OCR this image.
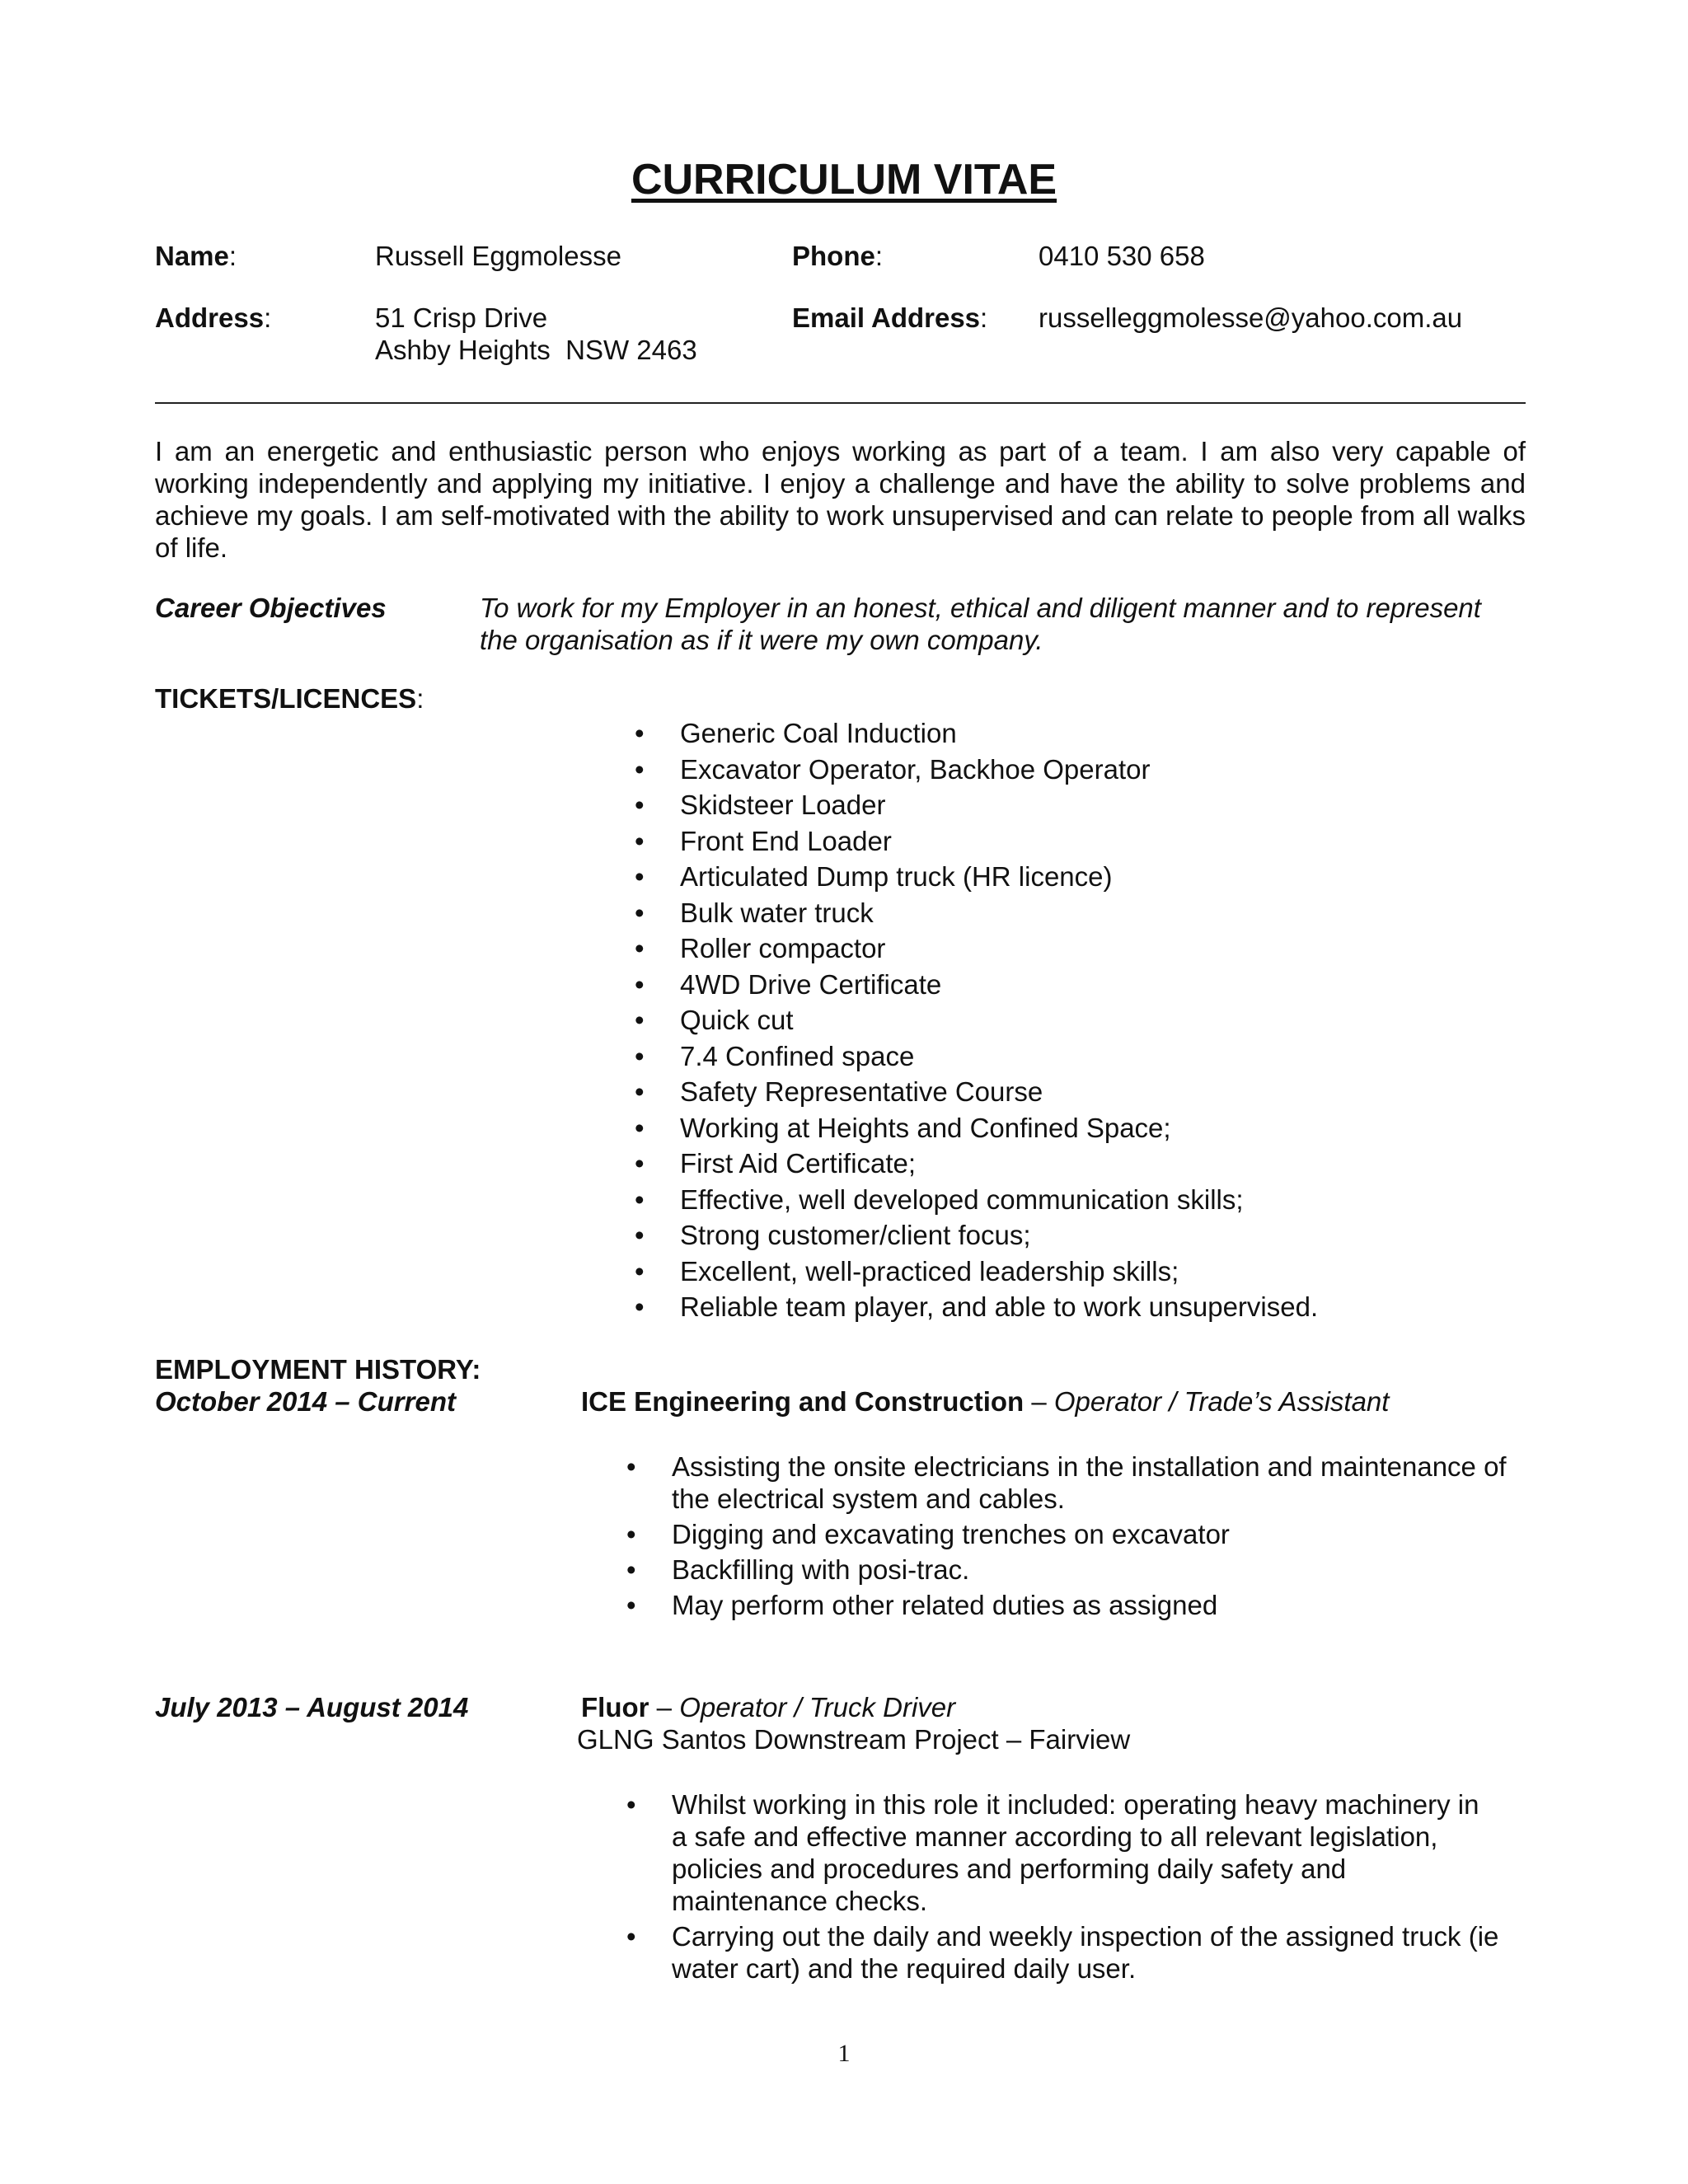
CURRICULUM VITAE
Name:	Russell Eggmolesse	Phone:	0410 530 658
Address:	51 Crisp Drive
Ashby Heights  NSW 2463
Email Address: russelleggmolesse@yahoo.com.au
I am an energetic and enthusiastic person who enjoys working as part of a team. I am also very capable of working independently and applying my initiative. I enjoy a challenge and have the ability to solve problems and achieve my goals. I am self-motivated with the ability to work unsupervised and can relate to people from all walks of life.
Career Objectives	To work for my Employer in an honest, ethical and diligent manner and to represent the organisation as if it were my own company.
TICKETS/LICENCES:
• Generic Coal Induction
• Excavator Operator, Backhoe Operator
• Skidsteer Loader
• Front End Loader
• Articulated Dump truck (HR licence)
• Bulk water truck
• Roller compactor
• 4WD Drive Certificate
• Quick cut
• 7.4 Confined space
• Safety Representative Course
• Working at Heights and Confined Space;
• First Aid Certificate;
• Effective, well developed communication skills;
• Strong customer/client focus;
• Excellent, well-practiced leadership skills;
• Reliable team player, and able to work unsupervised.
EMPLOYMENT HISTORY:
October 2014 – Current	ICE Engineering and Construction – Operator / Trade’s Assistant
• Assisting the onsite electricians in the installation and maintenance of the electrical system and cables.
• Digging and excavating trenches on excavator
• Backfilling with posi-trac.
• May perform other related duties as assigned
July 2013 – August 2014	Fluor – Operator / Truck Driver
GLNG Santos Downstream Project – Fairview
• Whilst working in this role it included: operating heavy machinery in a safe and effective manner according to all relevant legislation, policies and procedures and performing daily safety and maintenance checks.
• Carrying out the daily and weekly inspection of the assigned truck (ie water cart) and the required daily user.
1
